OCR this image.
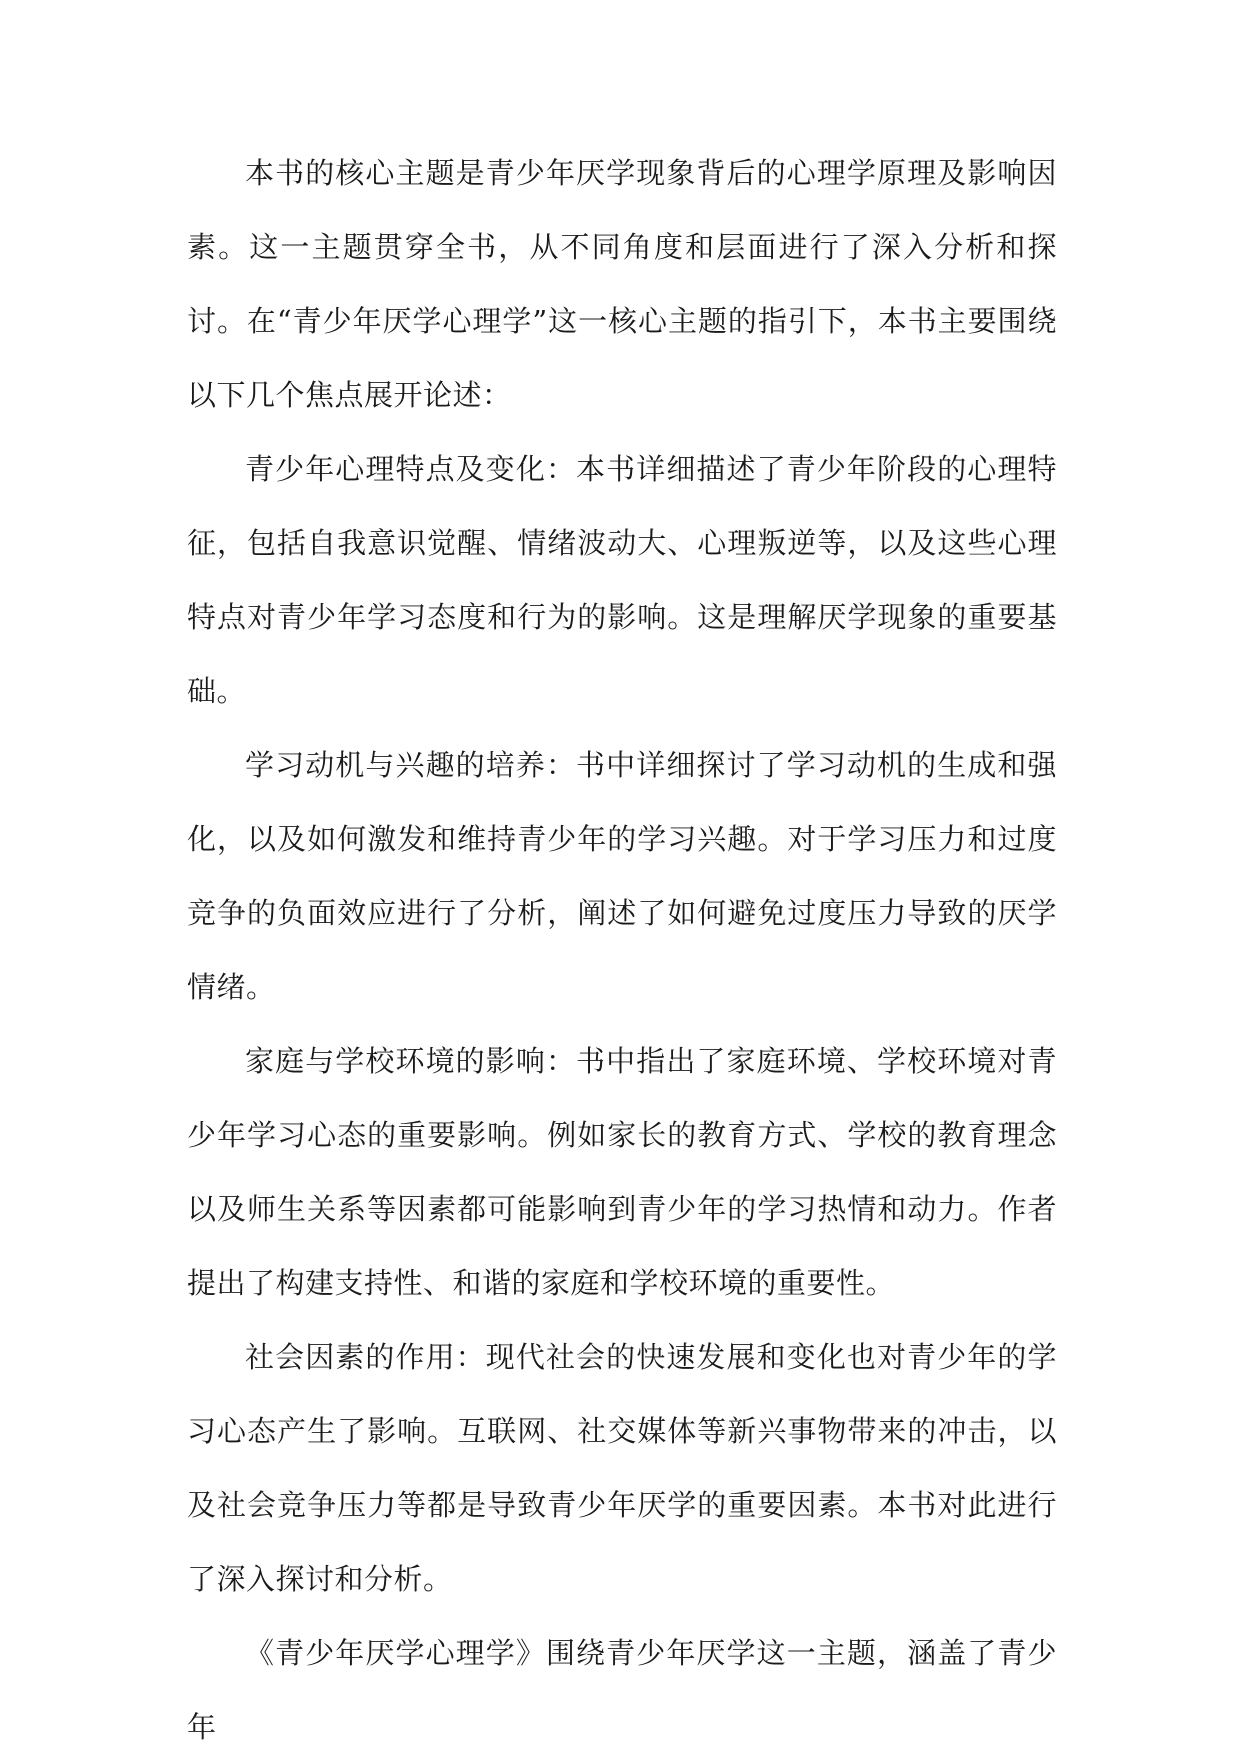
本书的核心主题是青少年厌学现象背后的心理学原理及影响因素。这一主题贯穿全书，从不同角度和层面进行了深入分析和探讨。在“青少年厌学心理学”这一核心主题的指引下，本书主要围绕以下几个焦点展开论述：

青少年心理特点及变化：本书详细描述了青少年阶段的心理特征，包括自我意识觉醒、情绪波动大、心理叛逆等，以及这些心理特点对青少年学习态度和行为的影响。这是理解厌学现象的重要基础。

学习动机与兴趣的培养：书中详细探讨了学习动机的生成和强化，以及如何激发和维持青少年的学习兴趣。对于学习压力和过度竞争的负面效应进行了分析，阐述了如何避免过度压力导致的厌学情绪。

家庭与学校环境的影响：书中指出了家庭环境、学校环境对青少年学习心态的重要影响。例如家长的教育方式、学校的教育理念以及师生关系等因素都可能影响到青少年的学习热情和动力。作者提出了构建支持性、和谐的家庭和学校环境的重要性。

社会因素的作用：现代社会的快速发展和变化也对青少年的学习心态产生了影响。互联网、社交媒体等新兴事物带来的冲击，以及社会竞争压力等都是导致青少年厌学的重要因素。本书对此进行了深入探讨和分析。

《青少年厌学心理学》围绕青少年厌学这一主题，涵盖了青少年
